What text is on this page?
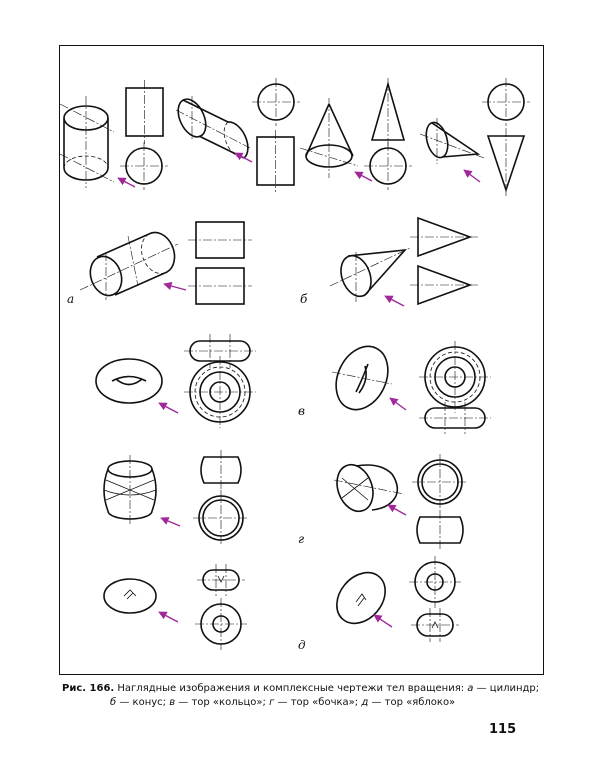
а	б
в
г
д
Рис. 166. Наглядные изображения и комплексные чертежи тел вращения: а — цилиндр;
б — конус; в — тор «кольцо»; г — тор «бочка»; д — тор «яблоко»
115
